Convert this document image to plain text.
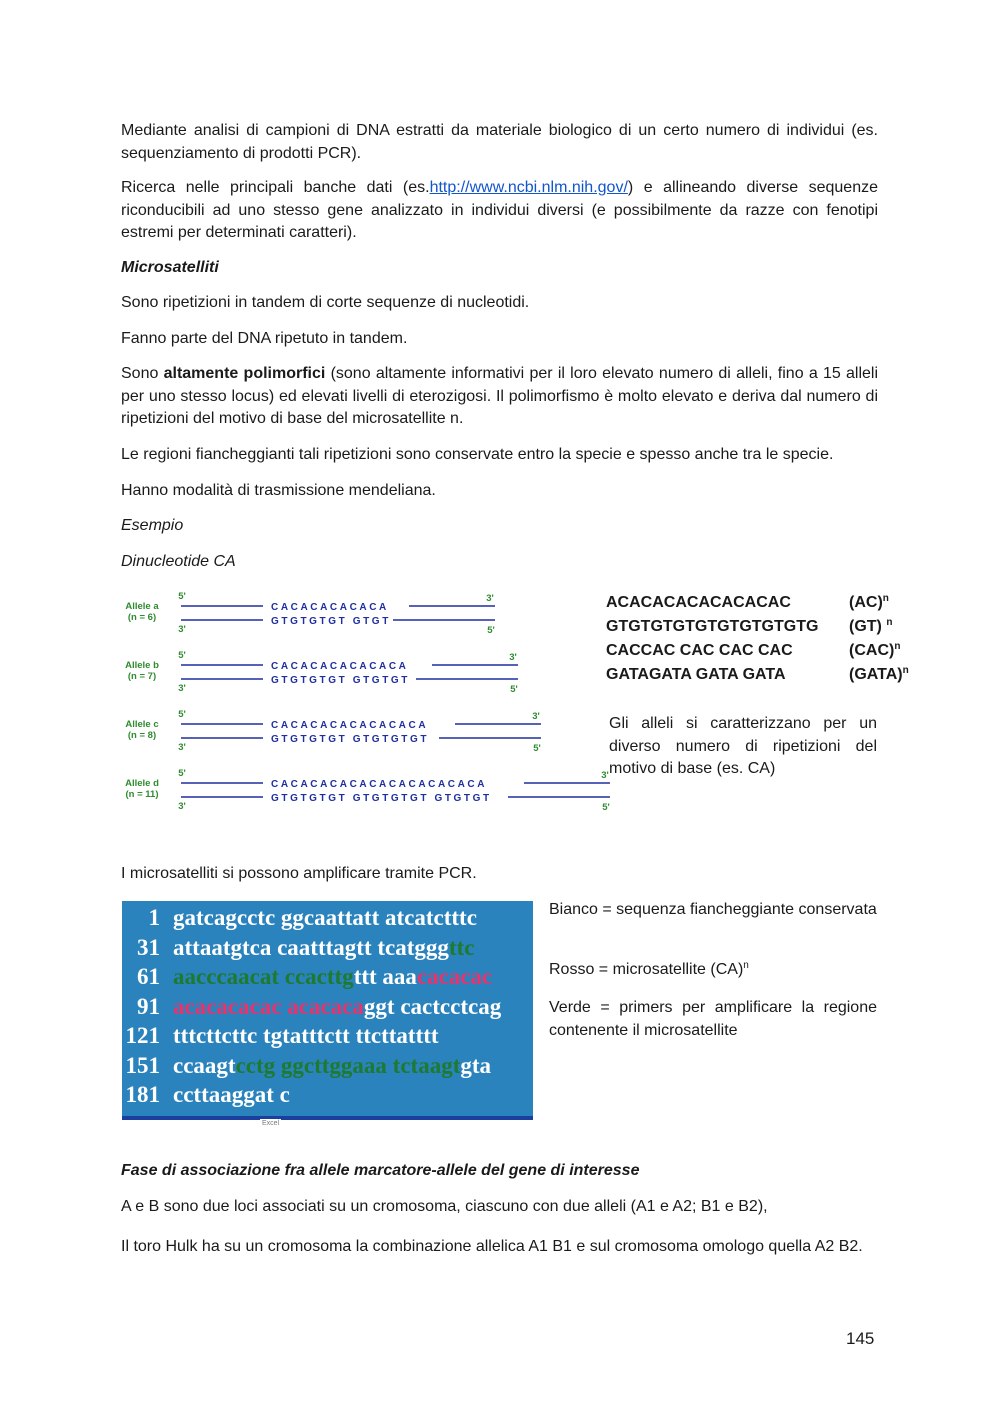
Mediante analisi di campioni di DNA estratti da materiale biologico di un certo numero di individui (es. sequenziamento di prodotti PCR).

Ricerca nelle principali banche dati (es.http://www.ncbi.nlm.nih.gov/) e allineando diverse sequenze riconducibili ad uno stesso gene analizzato in individui diversi (e possibilmente da razze con fenotipi estremi per determinati caratteri).

Microsatelliti

Sono ripetizioni in tandem di corte sequenze di nucleotidi.

Fanno parte del DNA ripetuto in tandem.

Sono altamente polimorfici (sono altamente informativi per il loro elevato numero di alleli, fino a 15 alleli per uno stesso locus) ed elevati livelli di eterozigosi. Il polimorfismo è molto elevato e deriva dal numero di ripetizioni del motivo di base del microsatellite n.

Le regioni fiancheggianti tali ripetizioni sono conservate entro la specie e spesso anche tra le specie.

Hanno modalità di trasmissione mendeliana.

Esempio

Dinucleotide CA

Allele a
(n = 6)
5'
3'
3'
5'
CACACACACACA
GTGTGTGT GTGT
Allele b
(n = 7)
5'
3'
3'
5'
CACACACACACACA
GTGTGTGT GTGTGT
Allele c
(n = 8)
5'
3'
3'
5'
CACACACACACACACA
GTGTGTGT GTGTGTGT
Allele d
(n = 11)
5'
3'
3'
5'
CACACACACACACACACACACA
GTGTGTGT GTGTGTGT GTGTGT
ACACACACACACACAC	(AC)$^n$
GTGTGTGTGTGTGTGTGTG (GT) $^n$
CACCAC CAC CAC CAC	(CAC)$^n$
GATAGATA GATA GATA	(GATA)$^n$

Gli alleli si caratterizzano per un diverso numero di ripetizioni del motivo di base (es. CA)

I microsatelliti si possono amplificare tramite PCR.

1 gatcagcctc ggcaattatt atcatctttc
31 attaatgtca caatttagtt tcatgggttc
61 aacccaacat ccacttgttt aaacacacac
91 acacacacac acacacaggt cactcctcag
121 tttcttcttc tgtatttctt ttcttatttt
151 ccaagtcctg ggcttggaaa tctaagtgta
181 ccttaaggat c
Excel

Bianco = sequenza fiancheggiante conservata

Rosso = microsatellite (CA)$^n$

Verde = primers per amplificare la regione contenente il microsatellite

Fase di associazione fra allele marcatore-allele del gene di interesse

A e B sono due loci associati su un cromosoma, ciascuno con due alleli (A1 e A2; B1 e B2),

Il toro Hulk ha su un cromosoma la combinazione allelica A1 B1 e sul cromosoma omologo quella A2 B2.

145
